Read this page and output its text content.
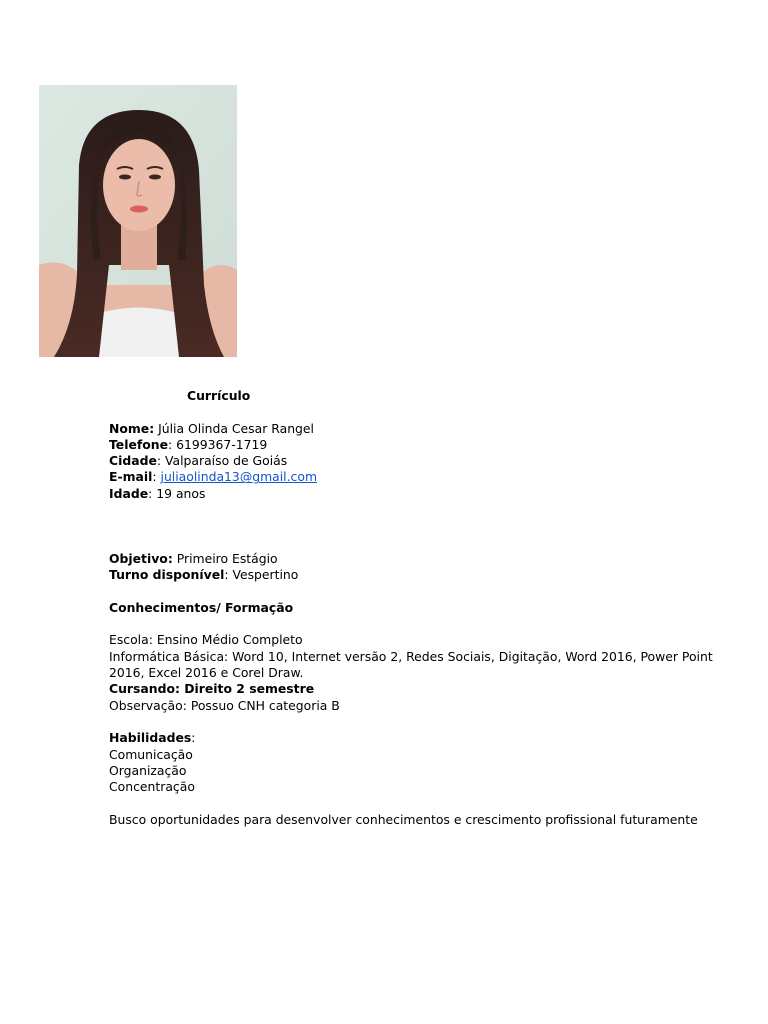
Currículo
Nome: Júlia Olinda Cesar Rangel
Telefone: 6199367-1719
Cidade: Valparaíso de Goiás
E-mail: juliaolinda13@gmail.com
Idade: 19 anos
Objetivo: Primeiro Estágio
Turno disponível: Vespertino
Conhecimentos/ Formação
Escola: Ensino Médio Completo
Informática Básica: Word 10, Internet versão 2, Redes Sociais, Digitação, Word 2016, Power Point 2016, Excel 2016 e Corel Draw.
Cursando: Direito 2 semestre
Observação: Possuo CNH categoria B
Habilidades:
Comunicação
Organização
Concentração
Busco oportunidades para desenvolver conhecimentos e crescimento profissional futuramente
